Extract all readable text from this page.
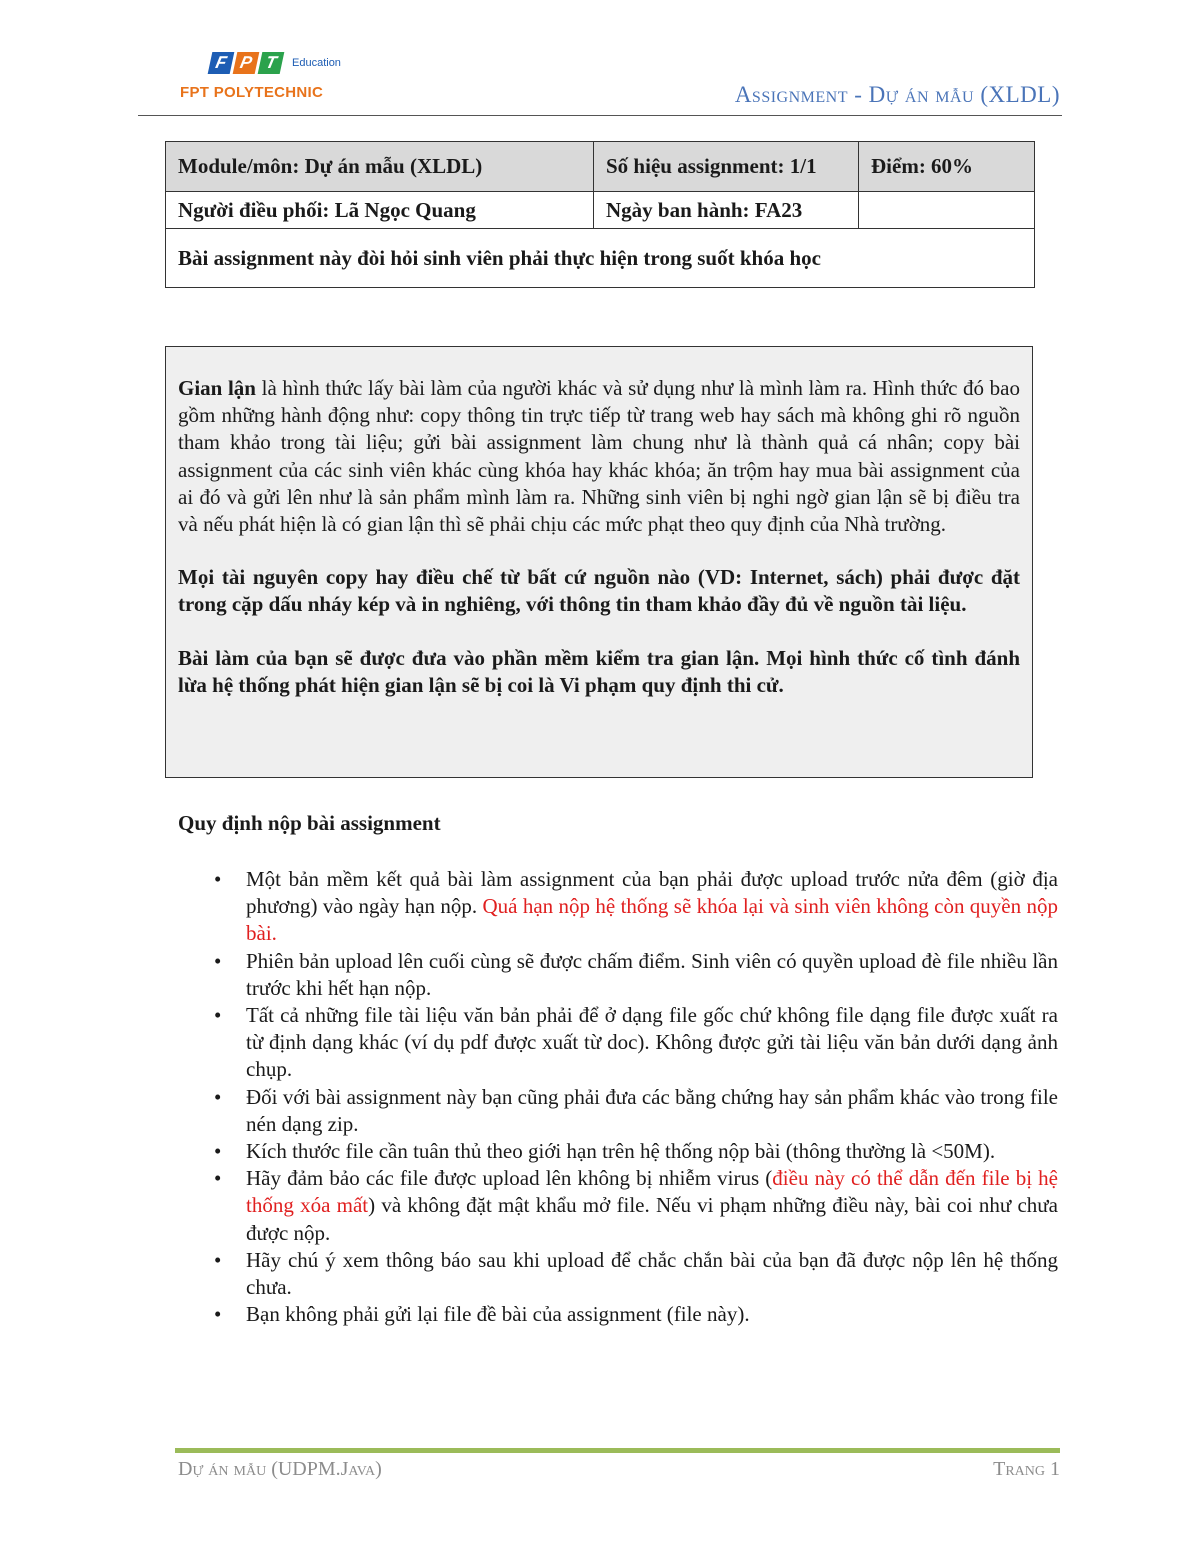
F P T	Education
FPT POLYTECHNIC	Assignment - Dự án mẫu (XLDL)
Module/môn: Dự án mẫu (XLDL)	Số hiệu assignment: 1/1	Điểm: 60%
Người điều phối: Lã Ngọc Quang	Ngày ban hành: FA23	
Bài assignment này đòi hỏi sinh viên phải thực hiện trong suốt khóa học		

Gian lận là hình thức lấy bài làm của người khác và sử dụng như là mình làm ra. Hình thức đó bao gồm những hành động như: copy thông tin trực tiếp từ trang web hay sách mà không ghi rõ nguồn tham khảo trong tài liệu; gửi bài assignment làm chung như là thành quả cá nhân; copy bài assignment của các sinh viên khác cùng khóa hay khác khóa; ăn trộm hay mua bài assignment của ai đó và gửi lên như là sản phẩm mình làm ra. Những sinh viên bị nghi ngờ gian lận sẽ bị điều tra và nếu phát hiện là có gian lận thì sẽ phải chịu các mức phạt theo quy định của Nhà trường.

Mọi tài nguyên copy hay điều chế từ bất cứ nguồn nào (VD: Internet, sách) phải được đặt trong cặp dấu nháy kép và in nghiêng, với thông tin tham khảo đầy đủ về nguồn tài liệu.

Bài làm của bạn sẽ được đưa vào phần mềm kiểm tra gian lận. Mọi hình thức cố tình đánh lừa hệ thống phát hiện gian lận sẽ bị coi là Vi phạm quy định thi cử.

Quy định nộp bài assignment
• Một bản mềm kết quả bài làm assignment của bạn phải được upload trước nửa đêm (giờ địa phương) vào ngày hạn nộp. Quá hạn nộp hệ thống sẽ khóa lại và sinh viên không còn quyền nộp bài.
• Phiên bản upload lên cuối cùng sẽ được chấm điểm. Sinh viên có quyền upload đè file nhiều lần trước khi hết hạn nộp.
• Tất cả những file tài liệu văn bản phải để ở dạng file gốc chứ không file dạng file được xuất ra từ định dạng khác (ví dụ pdf được xuất từ doc). Không được gửi tài liệu văn bản dưới dạng ảnh chụp.
• Đối với bài assignment này bạn cũng phải đưa các bằng chứng hay sản phẩm khác vào trong file nén dạng zip.
• Kích thước file cần tuân thủ theo giới hạn trên hệ thống nộp bài (thông thường là <50M).
• Hãy đảm bảo các file được upload lên không bị nhiễm virus (điều này có thể dẫn đến file bị hệ thống xóa mất) và không đặt mật khẩu mở file. Nếu vi phạm những điều này, bài coi như chưa được nộp.
• Hãy chú ý xem thông báo sau khi upload để chắc chắn bài của bạn đã được nộp lên hệ thống chưa.
• Bạn không phải gửi lại file đề bài của assignment (file này).
Dự án mẫu (UDPM.Java)	Trang 1
